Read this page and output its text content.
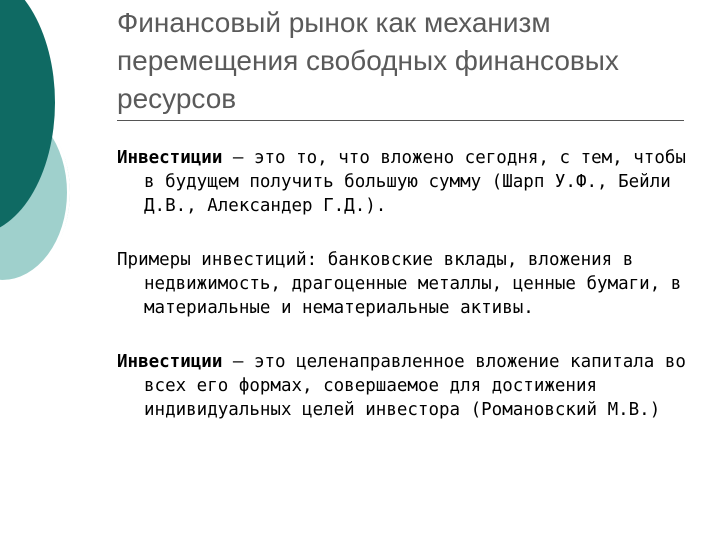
Финансовый рынок как механизм перемещения свободных финансовых ресурсов

Инвестиции — это то, что вложено сегодня, с тем, чтобы в будущем получить большую сумму (Шарп У.Ф., Бейли Д.В., Александер Г.Д.).

Примеры инвестиций: банковские вклады, вложения в недвижимость, драгоценные металлы, ценные бумаги, в материальные и нематериальные активы.

Инвестиции – это целенаправленное вложение капитала во всех его формах, совершаемое для достижения индивидуальных целей инвестора (Романовский М.В.)
